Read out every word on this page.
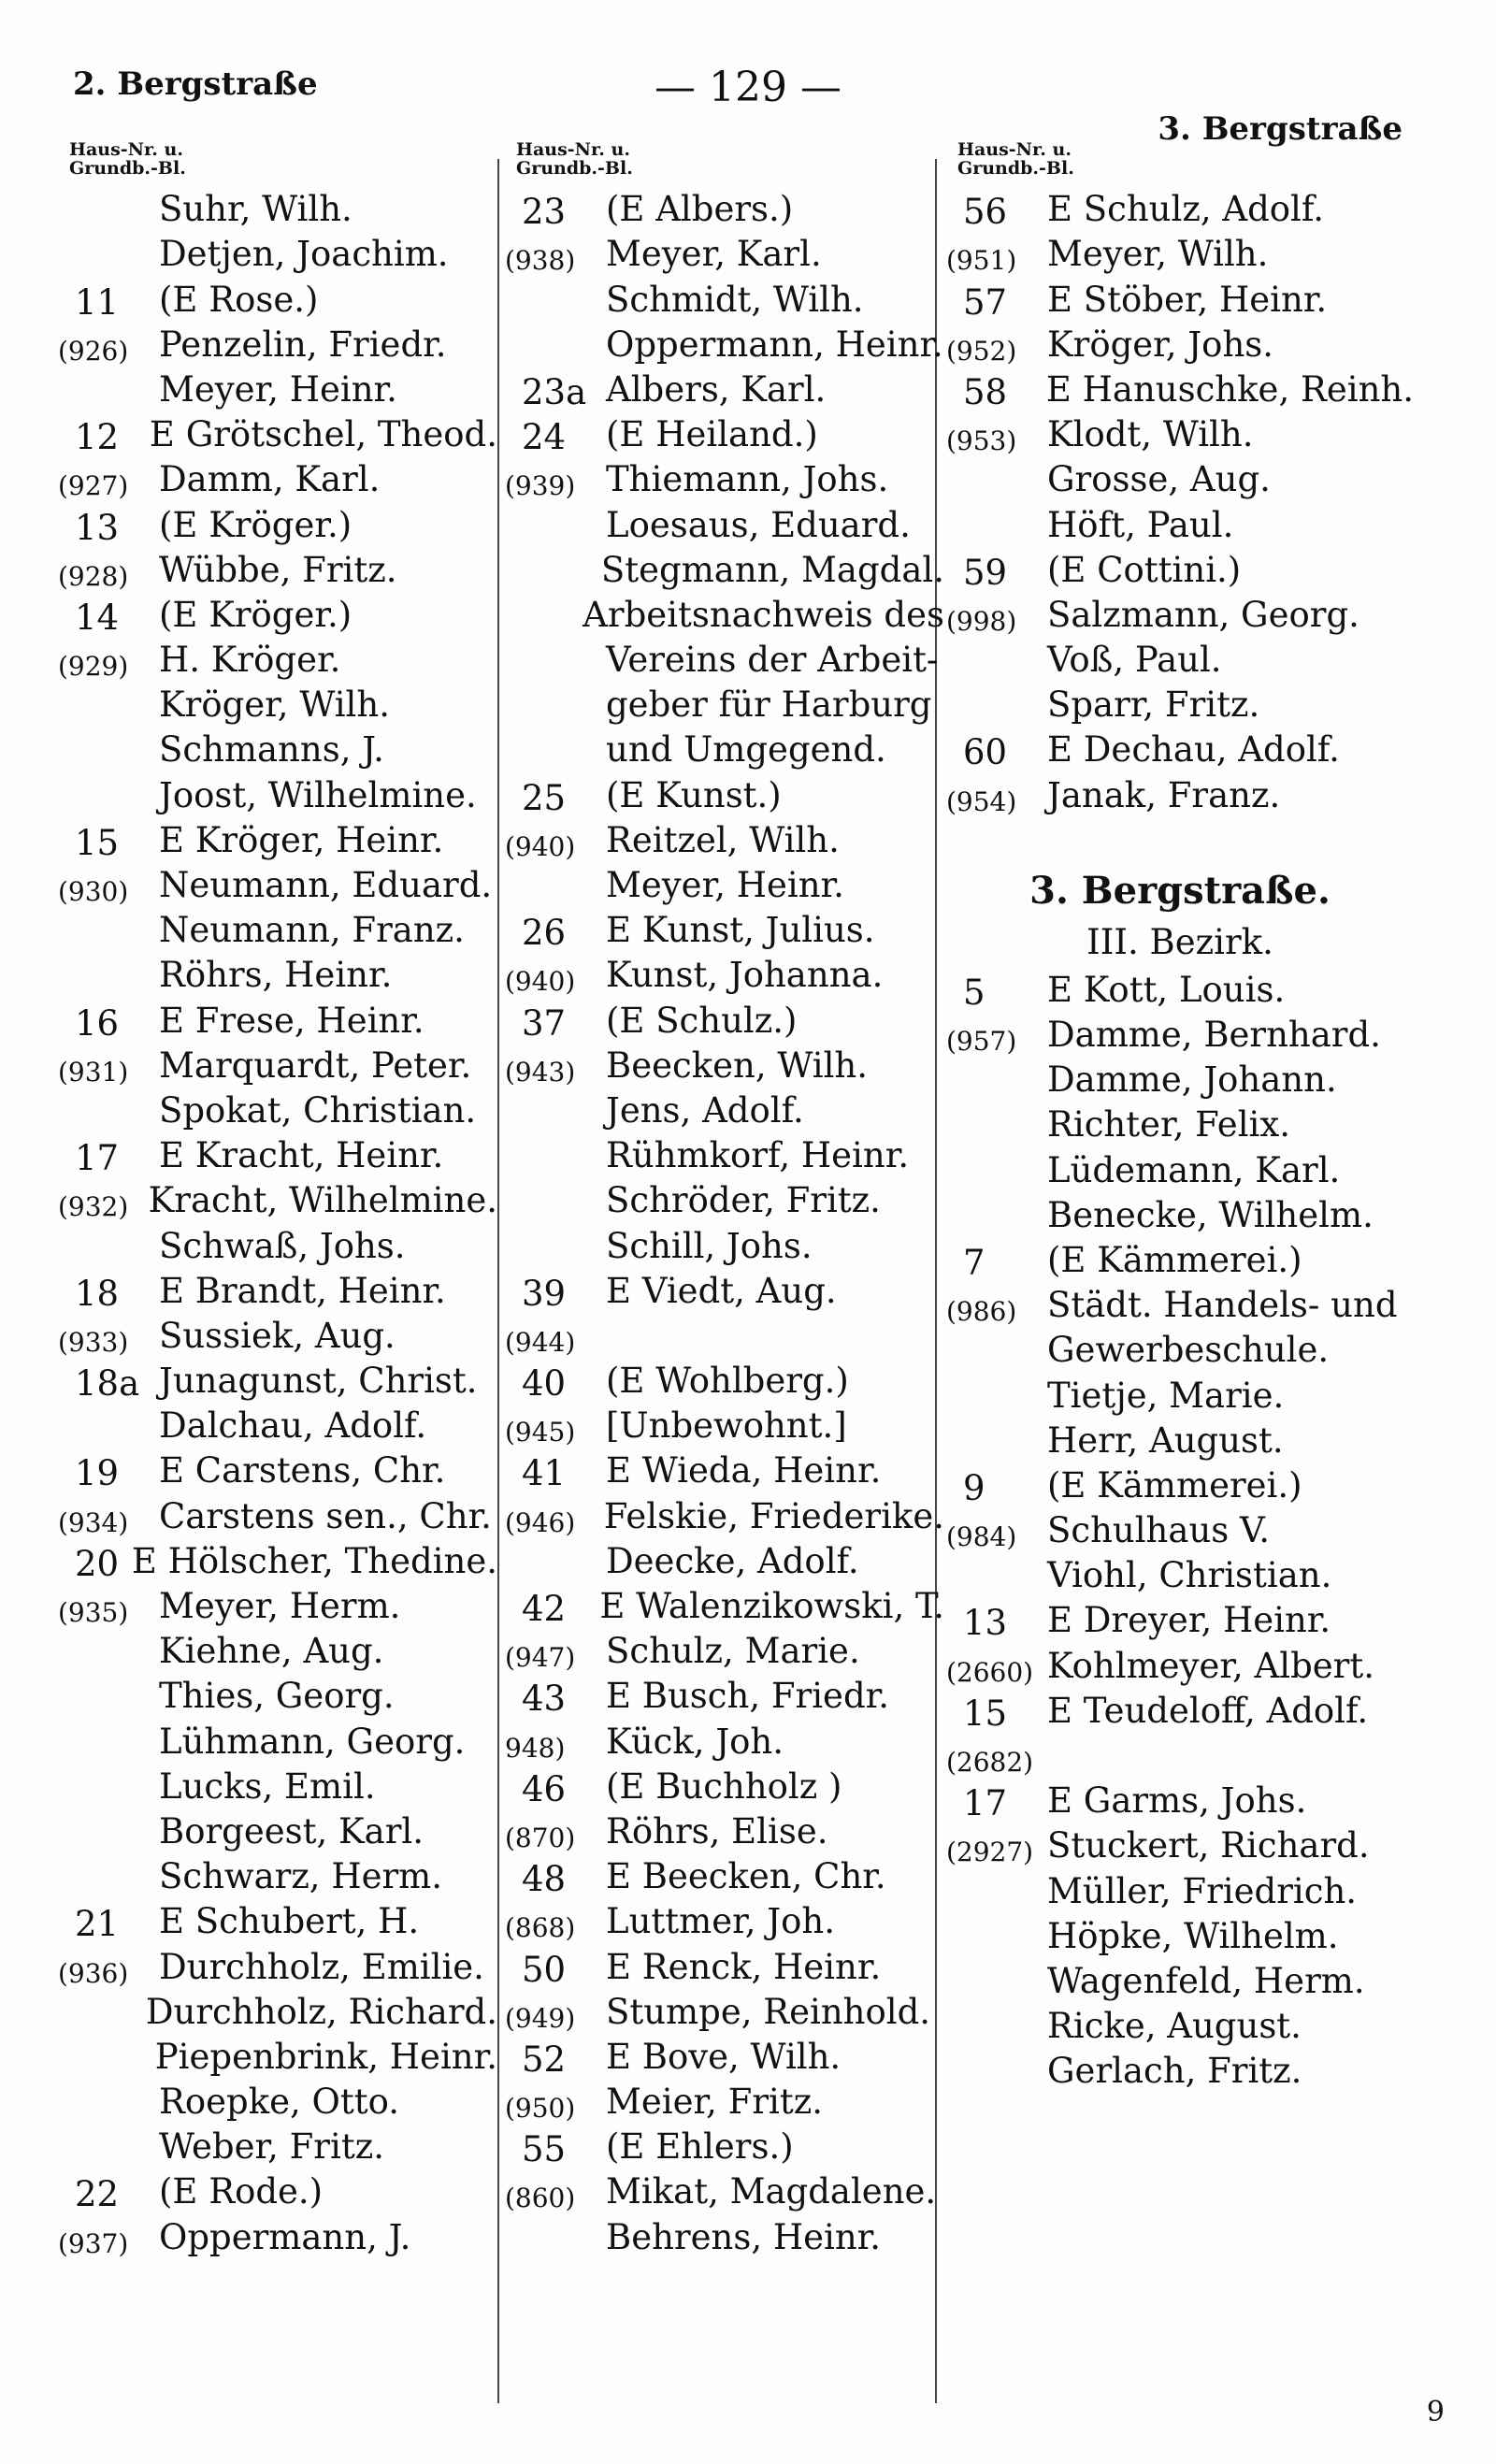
2. Bergstraße	— 129 —
3. Bergstraße
Haus-Nr. u.
Grundb.-Bl.
Suhr, Wilh.
Detjen, Joachim.
11 (E Rose.)
(926) Penzelin, Friedr.
Meyer, Heinr.
12 E Grötschel, Theod.
(927) Damm, Karl.
13 (E Kröger.)
(928) Wübbe, Fritz.
14 (E Kröger.)
(929) H. Kröger.
Kröger, Wilh.
Schmanns, J.
Joost, Wilhelmine.
15 E Kröger, Heinr.
(930) Neumann, Eduard.
Neumann, Franz.
Röhrs, Heinr.
16 E Frese, Heinr.
(931) Marquardt, Peter.
Spokat, Christian.
17 E Kracht, Heinr.
(932) Kracht, Wilhelmine.
Schwaß, Johs.
18 E Brandt, Heinr.
(933) Sussiek, Aug.
18a Junagunst, Christ.
Dalchau, Adolf.
19 E Carstens, Chr.
(934) Carstens sen., Chr.
20 E Hölscher, Thedine.
(935) Meyer, Herm.
Kiehne, Aug.
Thies, Georg.
Lühmann, Georg.
Lucks, Emil.
Borgeest, Karl.
Schwarz, Herm.
21 E Schubert, H.
(936) Durchholz, Emilie.
Durchholz, Richard.
Piepenbrink, Heinr.
Roepke, Otto.
Weber, Fritz.
22 (E Rode.)
(937) Oppermann, J.
Haus-Nr. u.
Grundb.-Bl.
23 (E Albers.)
(938) Meyer, Karl.
Schmidt, Wilh.
Oppermann, Heinr.
23a Albers, Karl.
24 (E Heiland.)
(939) Thiemann, Johs.
Loesaus, Eduard.
Stegmann, Magdal.
Arbeitsnachweis des
Vereins der Arbeit-
geber für Harburg
und Umgegend.
25 (E Kunst.)
(940) Reitzel, Wilh.
Meyer, Heinr.
26 E Kunst, Julius.
(940) Kunst, Johanna.
37 (E Schulz.)
(943) Beecken, Wilh.
Jens, Adolf.
Rühmkorf, Heinr.
Schröder, Fritz.
Schill, Johs.
39 E Viedt, Aug.
(944)
40 (E Wohlberg.)
(945) [Unbewohnt.]
41 E Wieda, Heinr.
(946) Felskie, Friederike.
Deecke, Adolf.
42 E Walenzikowski, T.
(947) Schulz, Marie.
43 E Busch, Friedr.
948) Kück, Joh.
46 (E Buchholz )
(870) Röhrs, Elise.
48 E Beecken, Chr.
(868) Luttmer, Joh.
50 E Renck, Heinr.
(949) Stumpe, Reinhold.
52 E Bove, Wilh.
(950) Meier, Fritz.
55 (E Ehlers.)
(860) Mikat, Magdalene.
Behrens, Heinr.
Haus-Nr. u.
Grundb.-Bl.
56 E Schulz, Adolf.
(951) Meyer, Wilh.
57 E Stöber, Heinr.
(952) Kröger, Johs.
58 E Hanuschke, Reinh.
(953) Klodt, Wilh.
Grosse, Aug.
Höft, Paul.
59 (E Cottini.)
(998) Salzmann, Georg.
Voß, Paul.
Sparr, Fritz.
60 E Dechau, Adolf.
(954) Janak, Franz.
3. Bergstraße.
III. Bezirk.
5 E Kott, Louis.
(957) Damme, Bernhard.
Damme, Johann.
Richter, Felix.
Lüdemann, Karl.
Benecke, Wilhelm.
7 (E Kämmerei.)
(986) Städt. Handels- und
Gewerbeschule.
Tietje, Marie.
Herr, August.
9 (E Kämmerei.)
(984) Schulhaus V.
Viohl, Christian.
13 E Dreyer, Heinr.
(2660) Kohlmeyer, Albert.
15 E Teudeloff, Adolf.
(2682)
17 E Garms, Johs.
(2927) Stuckert, Richard.
Müller, Friedrich.
Höpke, Wilhelm.
Wagenfeld, Herm.
Ricke, August.
Gerlach, Fritz.
9
